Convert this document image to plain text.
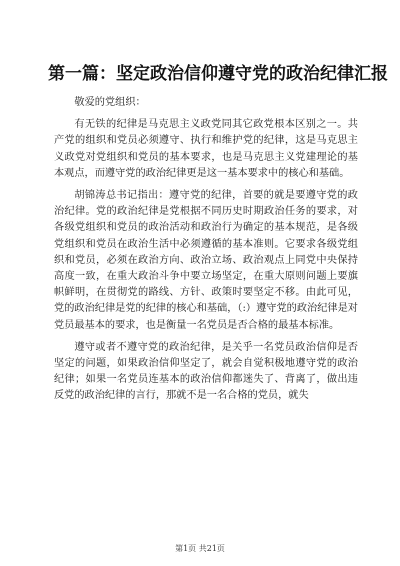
第一篇：坚定政治信仰遵守党的政治纪律汇报

敬爱的党组织：

有无铁的纪律是马克思主义政党同其它政党根本区别之一。共产党的组织和党员必须遵守、执行和维护党的纪律，这是马克思主义政党对党组织和党员的基本要求，也是马克思主义党建理论的基本观点，而遵守党的政治纪律更是这一基本要求中的核心和基础。

胡锦涛总书记指出：遵守党的纪律，首要的就是要遵守党的政治纪律。党的政治纪律是党根据不同历史时期政治任务的要求，对各级党组织和党员的政治活动和政治行为确定的基本规范，是各级党组织和党员在政治生活中必须遵循的基本准则。它要求各级党组织和党员，必须在政治方向、政治立场、政治观点上同党中央保持高度一致，在重大政治斗争中要立场坚定，在重大原则问题上要旗帜鲜明，在贯彻党的路线、方针、政策时要坚定不移。由此可见，党的政治纪律是党的纪律的核心和基础，（:）遵守党的政治纪律是对党员最基本的要求，也是衡量一名党员是否合格的最基本标准。

遵守或者不遵守党的政治纪律，是关乎一名党员政治信仰是否坚定的问题，如果政治信仰坚定了，就会自觉积极地遵守党的政治纪律；如果一名党员连基本的政治信仰都迷失了、背离了，做出违反党的政治纪律的言行，那就不是一名合格的党员，就失

第1页 共21页
